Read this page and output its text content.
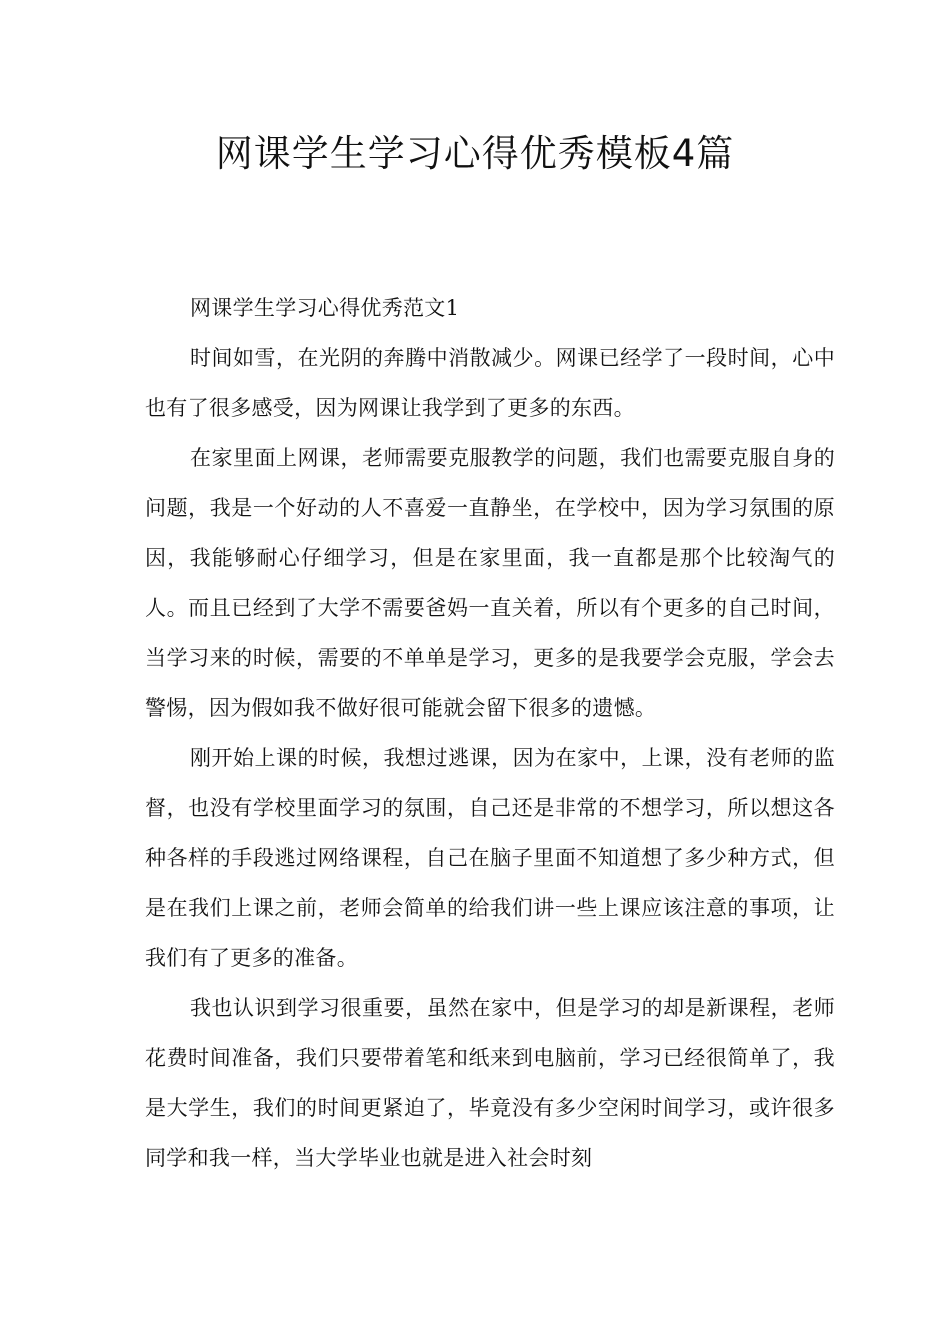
网课学生学习心得优秀模板4篇

网课学生学习心得优秀范文1

时间如雪，在光阴的奔腾中消散减少。网课已经学了一段时间，心中也有了很多感受，因为网课让我学到了更多的东西。

在家里面上网课，老师需要克服教学的问题，我们也需要克服自身的问题，我是一个好动的人不喜爱一直静坐，在学校中，因为学习氛围的原因，我能够耐心仔细学习，但是在家里面，我一直都是那个比较淘气的人。而且已经到了大学不需要爸妈一直关着，所以有个更多的自己时间，当学习来的时候，需要的不单单是学习，更多的是我要学会克服，学会去警惕，因为假如我不做好很可能就会留下很多的遗憾。

刚开始上课的时候，我想过逃课，因为在家中，上课，没有老师的监督，也没有学校里面学习的氛围，自己还是非常的不想学习，所以想这各种各样的手段逃过网络课程，自己在脑子里面不知道想了多少种方式，但是在我们上课之前，老师会简单的给我们讲一些上课应该注意的事项，让我们有了更多的准备。

我也认识到学习很重要，虽然在家中，但是学习的却是新课程，老师花费时间准备，我们只要带着笔和纸来到电脑前，学习已经很简单了，我是大学生，我们的时间更紧迫了，毕竟没有多少空闲时间学习，或许很多同学和我一样，当大学毕业也就是进入社会时刻
